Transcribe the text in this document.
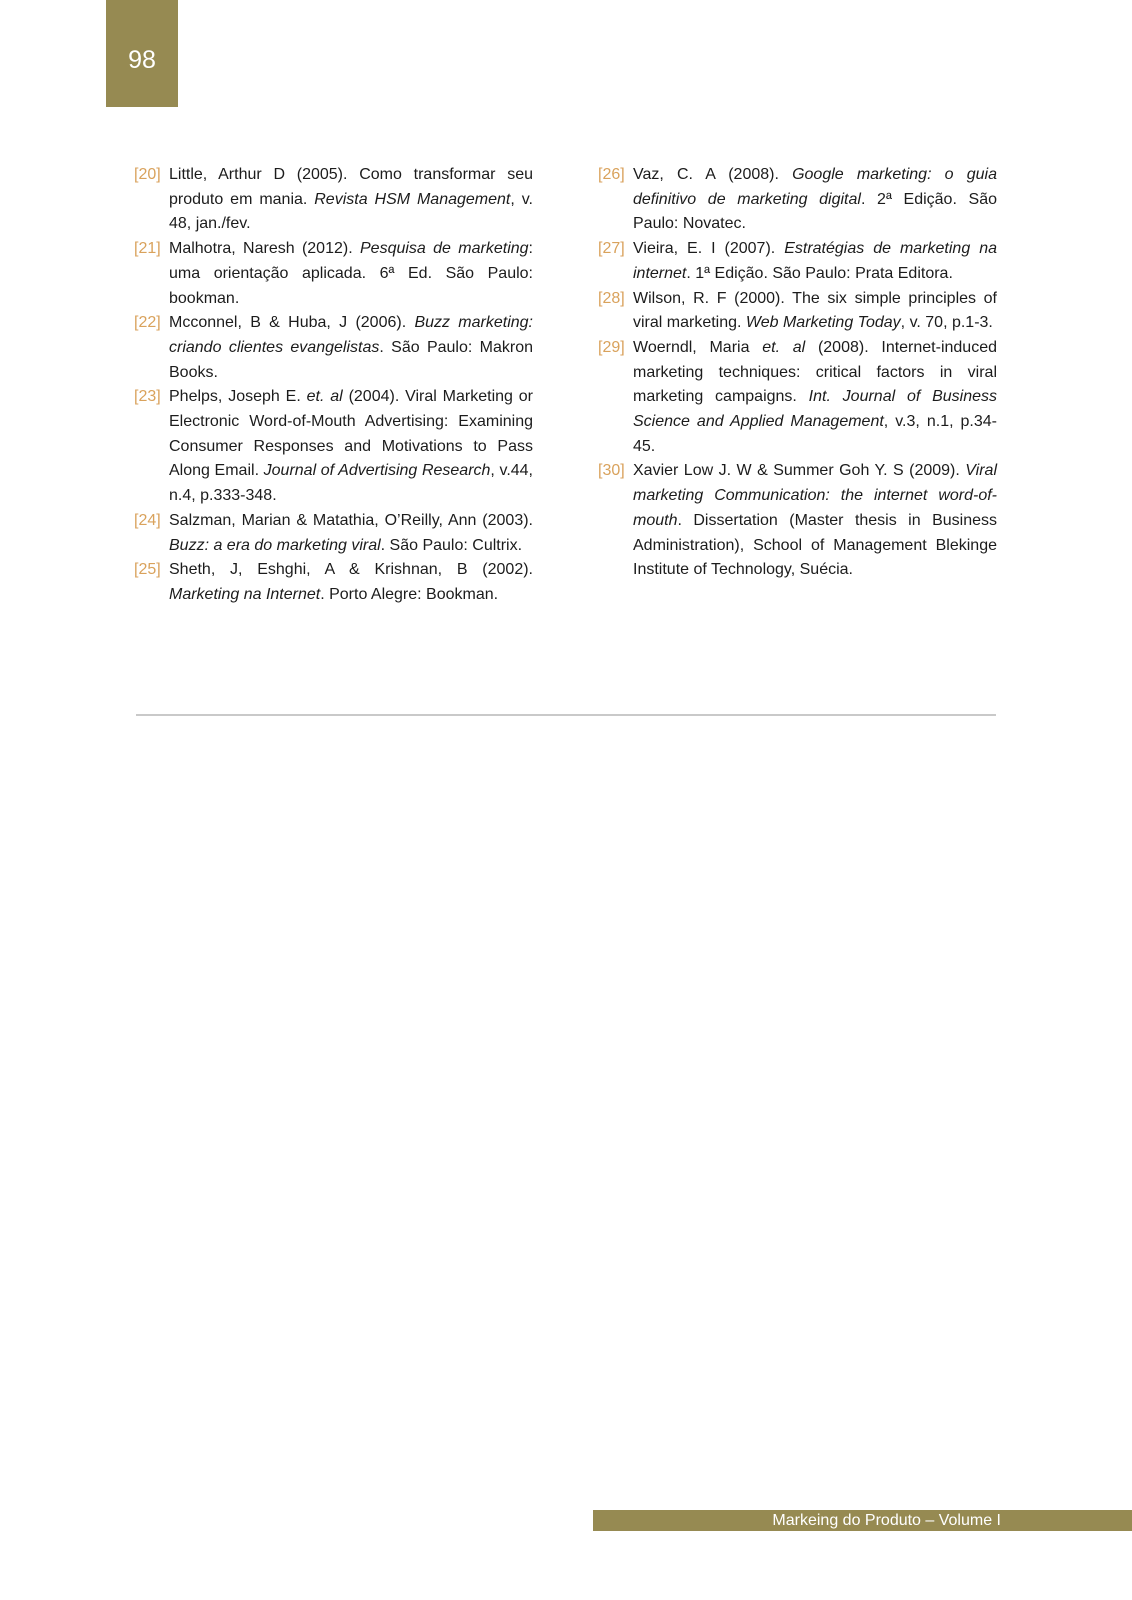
98
[20] Little, Arthur D (2005). Como transformar seu produto em mania. Revista HSM Management, v. 48, jan./fev.
[21] Malhotra, Naresh (2012). Pesquisa de marketing: uma orientação aplicada. 6ª Ed. São Paulo: bookman.
[22] Mcconnel, B & Huba, J (2006). Buzz marketing: criando clientes evangelistas. São Paulo: Makron Books.
[23] Phelps, Joseph E. et. al (2004). Viral Marketing or Electronic Word-of-Mouth Advertising: Examining Consumer Responses and Motivations to Pass Along Email. Journal of Advertising Research, v.44, n.4, p.333-348.
[24] Salzman, Marian & Matathia, O’Reilly, Ann (2003). Buzz: a era do marketing viral. São Paulo: Cultrix.
[25] Sheth, J, Eshghi, A & Krishnan, B (2002). Marketing na Internet. Porto Alegre: Bookman.
[26] Vaz, C. A (2008). Google marketing: o guia definitivo de marketing digital. 2ª Edição. São Paulo: Novatec.
[27] Vieira, E. I (2007). Estratégias de marketing na internet. 1ª Edição. São Paulo: Prata Editora.
[28] Wilson, R. F (2000). The six simple principles of viral marketing. Web Marketing Today, v. 70, p.1-3.
[29] Woerndl, Maria et. al (2008). Internet-induced marketing techniques: critical factors in viral marketing campaigns. Int. Journal of Business Science and Applied Management, v.3, n.1, p.34-45.
[30] Xavier Low J. W & Summer Goh Y. S (2009). Viral marketing Communication: the internet word-of-mouth. Dissertation (Master thesis in Business Administration), School of Management Blekinge Institute of Technology, Suécia.
Markeing do Produto – Volume I
